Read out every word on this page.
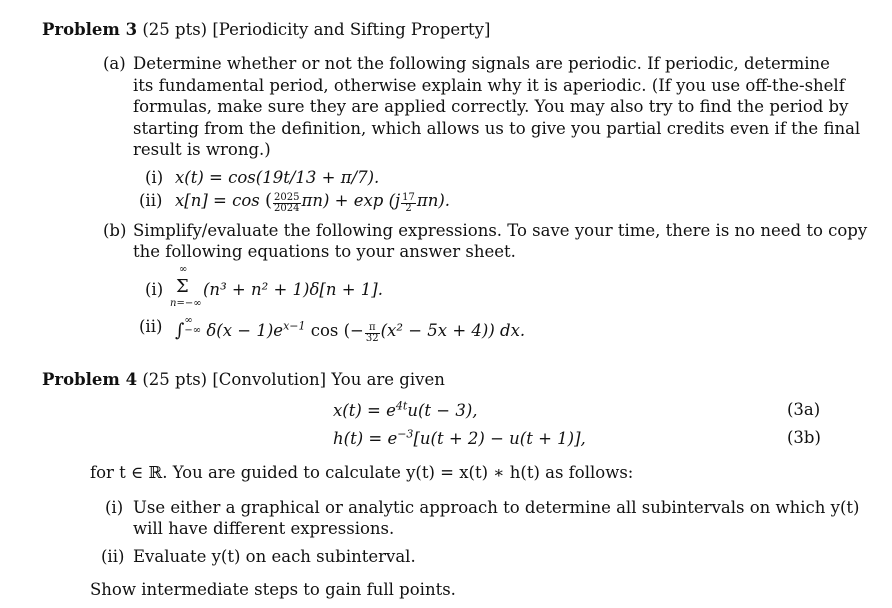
Problem 3 (25 pts) [Periodicity and Sifting Property]
(a) Determine whether or not the following signals are periodic. If periodic, determine
its fundamental period, otherwise explain why it is aperiodic. (If you use off-the-shelf
formulas, make sure they are applied correctly. You may also try to find the period by
starting from the definition, which allows us to give you partial credits even if the final
result is wrong.)
(i) x(t) = cos(19t/13 + π/7).
(ii) x[n] = cos ( $\frac{2025}{2024} \pi n) + \exp (j \frac{17}{2} \pi n)$.
(b) Simplify/evaluate the following expressions. To save your time, there is no need to copy
the following equations to your answer sheet.
(i)
∞
Σ
n=−∞
(n³ + n² + 1)δ[n + 1].
(ii) ∫ ∞
−∞ $\delta(x - 1)e^{x-1}$ cos (− $\frac{\pi}{32} (x^2 - 5x + 4)$) dx.
Problem 4 (25 pts) [Convolution] You are given
$x(t) = e^{4t}u(t - 3)$,	(3a)
$h(t) = e^{-3}[u(t + 2) - u(t + 1)]$,	(3b)
for t ∈ ℝ. You are guided to calculate y(t) = x(t) ∗ h(t) as follows:
(i) Use either a graphical or analytic approach to determine all subintervals on which y(t)
will have different expressions.
(ii) Evaluate y(t) on each subinterval.
Show intermediate steps to gain full points.
